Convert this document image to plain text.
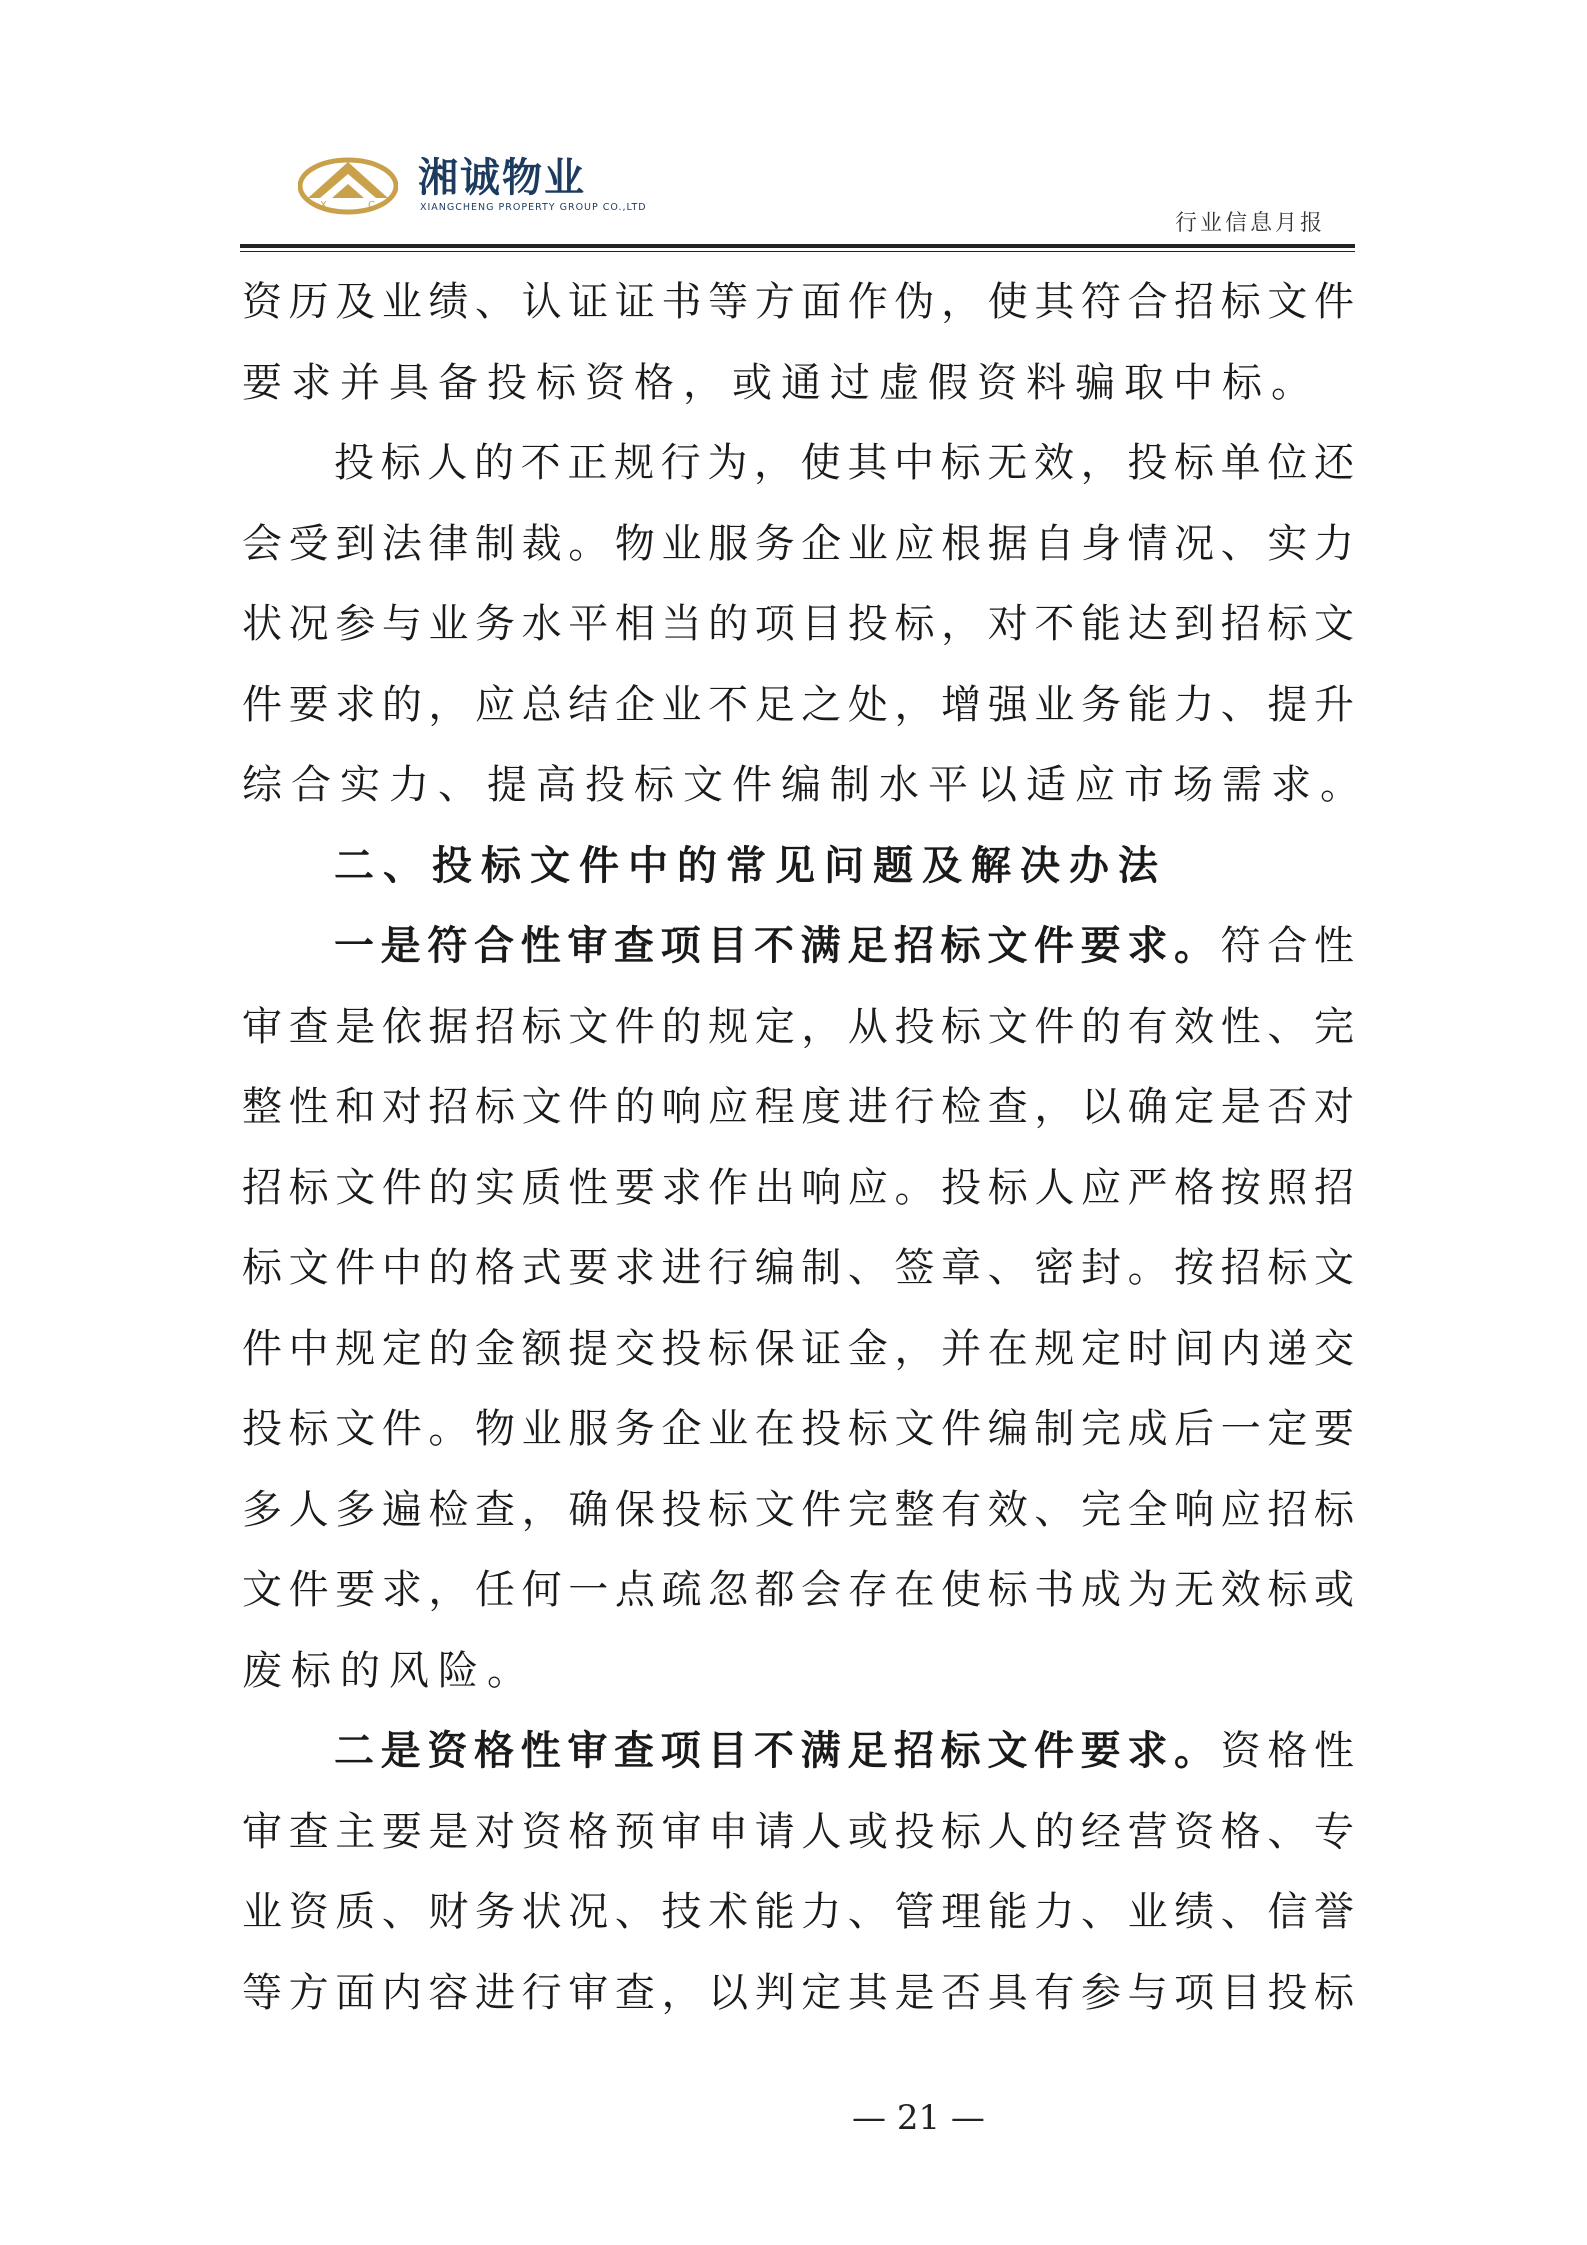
X	C
湘诚物业
XIANGCHENG PROPERTY GROUP CO.,LTD
行业信息月报
资历及业绩、认证证书等方面作伪，使其符合招标文件
要求并具备投标资格，或通过虚假资料骗取中标。
投标人的不正规行为，使其中标无效，投标单位还
会受到法律制裁。物业服务企业应根据自身情况、实力
状况参与业务水平相当的项目投标，对不能达到招标文
件要求的，应总结企业不足之处，增强业务能力、提升
综合实力、提高投标文件编制水平以适应市场需求。
二、投标文件中的常见问题及解决办法
一是符合性审查项目不满足招标文件要求。符合性
审查是依据招标文件的规定，从投标文件的有效性、完
整性和对招标文件的响应程度进行检查，以确定是否对
招标文件的实质性要求作出响应。投标人应严格按照招
标文件中的格式要求进行编制、签章、密封。按招标文
件中规定的金额提交投标保证金，并在规定时间内递交
投标文件。物业服务企业在投标文件编制完成后一定要
多人多遍检查，确保投标文件完整有效、完全响应招标
文件要求，任何一点疏忽都会存在使标书成为无效标或
废标的风险。
二是资格性审查项目不满足招标文件要求。资格性
审查主要是对资格预审申请人或投标人的经营资格、专
业资质、财务状况、技术能力、管理能力、业绩、信誉
等方面内容进行审查，以判定其是否具有参与项目投标
— 21 —
